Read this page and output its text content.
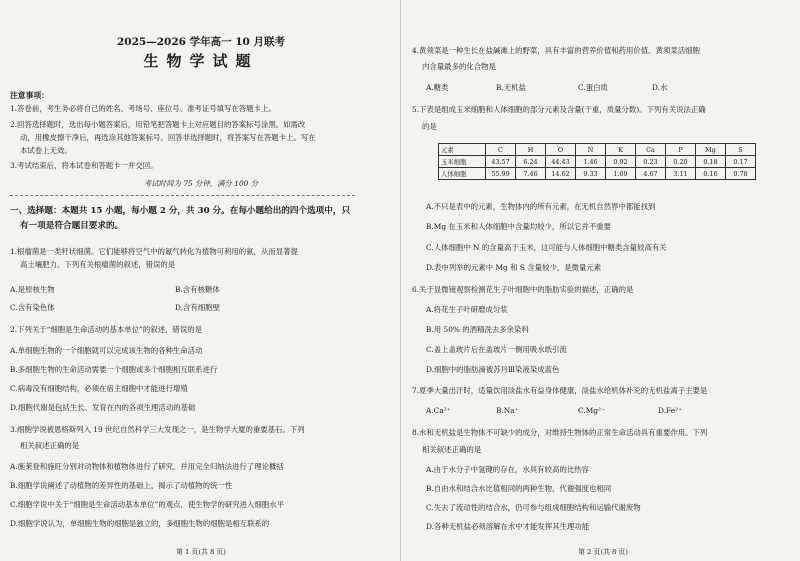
2025—2026 学年高一 10 月联考
生物学试题
注意事项：
1.答卷前，考生务必将自己的姓名、考场号、座位号、准考证号填写在答题卡上。
2.回答选择题时，选出每小题答案后，用铅笔把答题卡上对应题目的答案标号涂黑。如需改
动，用橡皮擦干净后，再选涂其他答案标号。回答非选择题时，将答案写在答题卡上。写在
本试卷上无效。
3.考试结束后，将本试卷和答题卡一并交回。
考试时间为 75 分钟，满分 100 分
一、选择题：本题共 15 小题，每小题 2 分，共 30 分。在每小题给出的四个选项中，只
有一项是符合题目要求的。
1.根瘤菌是一类杆状细菌。它们能够将空气中的氮气转化为植物可利用的氨，从而显著提
高土壤肥力。下列有关根瘤菌的叙述，错误的是
A.是原核生物	B.含有核糖体
C.含有染色体	D.含有细胞壁
2.下列关于“细胞是生命活动的基本单位”的叙述，错误的是
A.单细胞生物的一个细胞就可以完成该生物的各种生命活动
B.多细胞生物的生命活动需要一个细胞或多个细胞相互联系进行
C.病毒没有细胞结构，必须在宿主细胞中才能进行增殖
D.细胞代谢是包括生长、发育在内的各项生理活动的基础
3.细胞学说被恩格斯列入 19 世纪自然科学三大发现之一，是生物学大厦的重要基石。下列
相关叙述正确的是
A.施莱登和施旺分别对动物体和植物体进行了研究，并用完全归纳法进行了理论概括
B.细胞学说阐述了动植物的差异性的基础上，揭示了动植物的统一性
C.细胞学说中关于“细胞是生命活动基本单位”的观点，使生物学的研究进入细胞水平
D.细胞学说认为，单细胞生物的细胞是独立的，多细胞生物的细胞是相互联系的
第 1 页(共 8 页)
4.黄须菜是一种生长在盐碱滩上的野菜，具有丰富的营养价值和药用价值。黄须菜活细胞
内含量最多的化合物是
A.糖类	B.无机盐	C.蛋白质	D.水
5.下表是组成玉米细胞和人体细胞的部分元素及含量(干重，质量分数)。下列有关说法正确
的是
元素	C	H	O	N	K	Ca	P	Mg	S
玉米细胞	43.57	6.24	44.43	1.46	0.92	0.23	0.20	0.18	0.17
人体细胞	55.99	7.46	14.62	9.33	1.09	4.67	3.11	0.16	0.78
A.不只是表中的元素，生物体内的所有元素，在无机自然界中都能找到
B.Mg 在玉米和人体细胞中含量均较少，所以它并不重要
C.人体细胞中 N 的含量高于玉米，这可能与人体细胞中糖类含量较高有关
D.表中列举的元素中 Mg 和 S 含量较少，是微量元素
6.关于显微镜观察检测花生子叶细胞中的脂肪实验的描述，正确的是
A.将花生子叶研磨成匀浆
B.用 50% 的酒精洗去多余染料
C.盖上盖玻片后在盖玻片一侧用吸水纸引流
D.细胞中的脂肪滴被苏丹Ⅲ染液染成蓝色
7.夏季大量出汗时，适量饮用淡盐水有益身体健康，淡盐水给机体补充的无机盐离子主要是
A.Ca²⁺	B.Na⁺	C.Mg²⁻	D.Fe²⁺
8.水和无机盐是生物体不可缺少的成分，对维持生物体的正常生命活动具有重要作用。下列
相关叙述正确的是
A.由于水分子中氢键的存在，水具有较高的比热容
B.自由水和结合水比值相同的两种生物，代谢强度也相同
C.失去了流动性的结合水，仍可参与组成细胞结构和运输代谢废物
D.各种无机盐必须溶解在水中才能发挥其生理功能
第 2 页(共 8 页)
